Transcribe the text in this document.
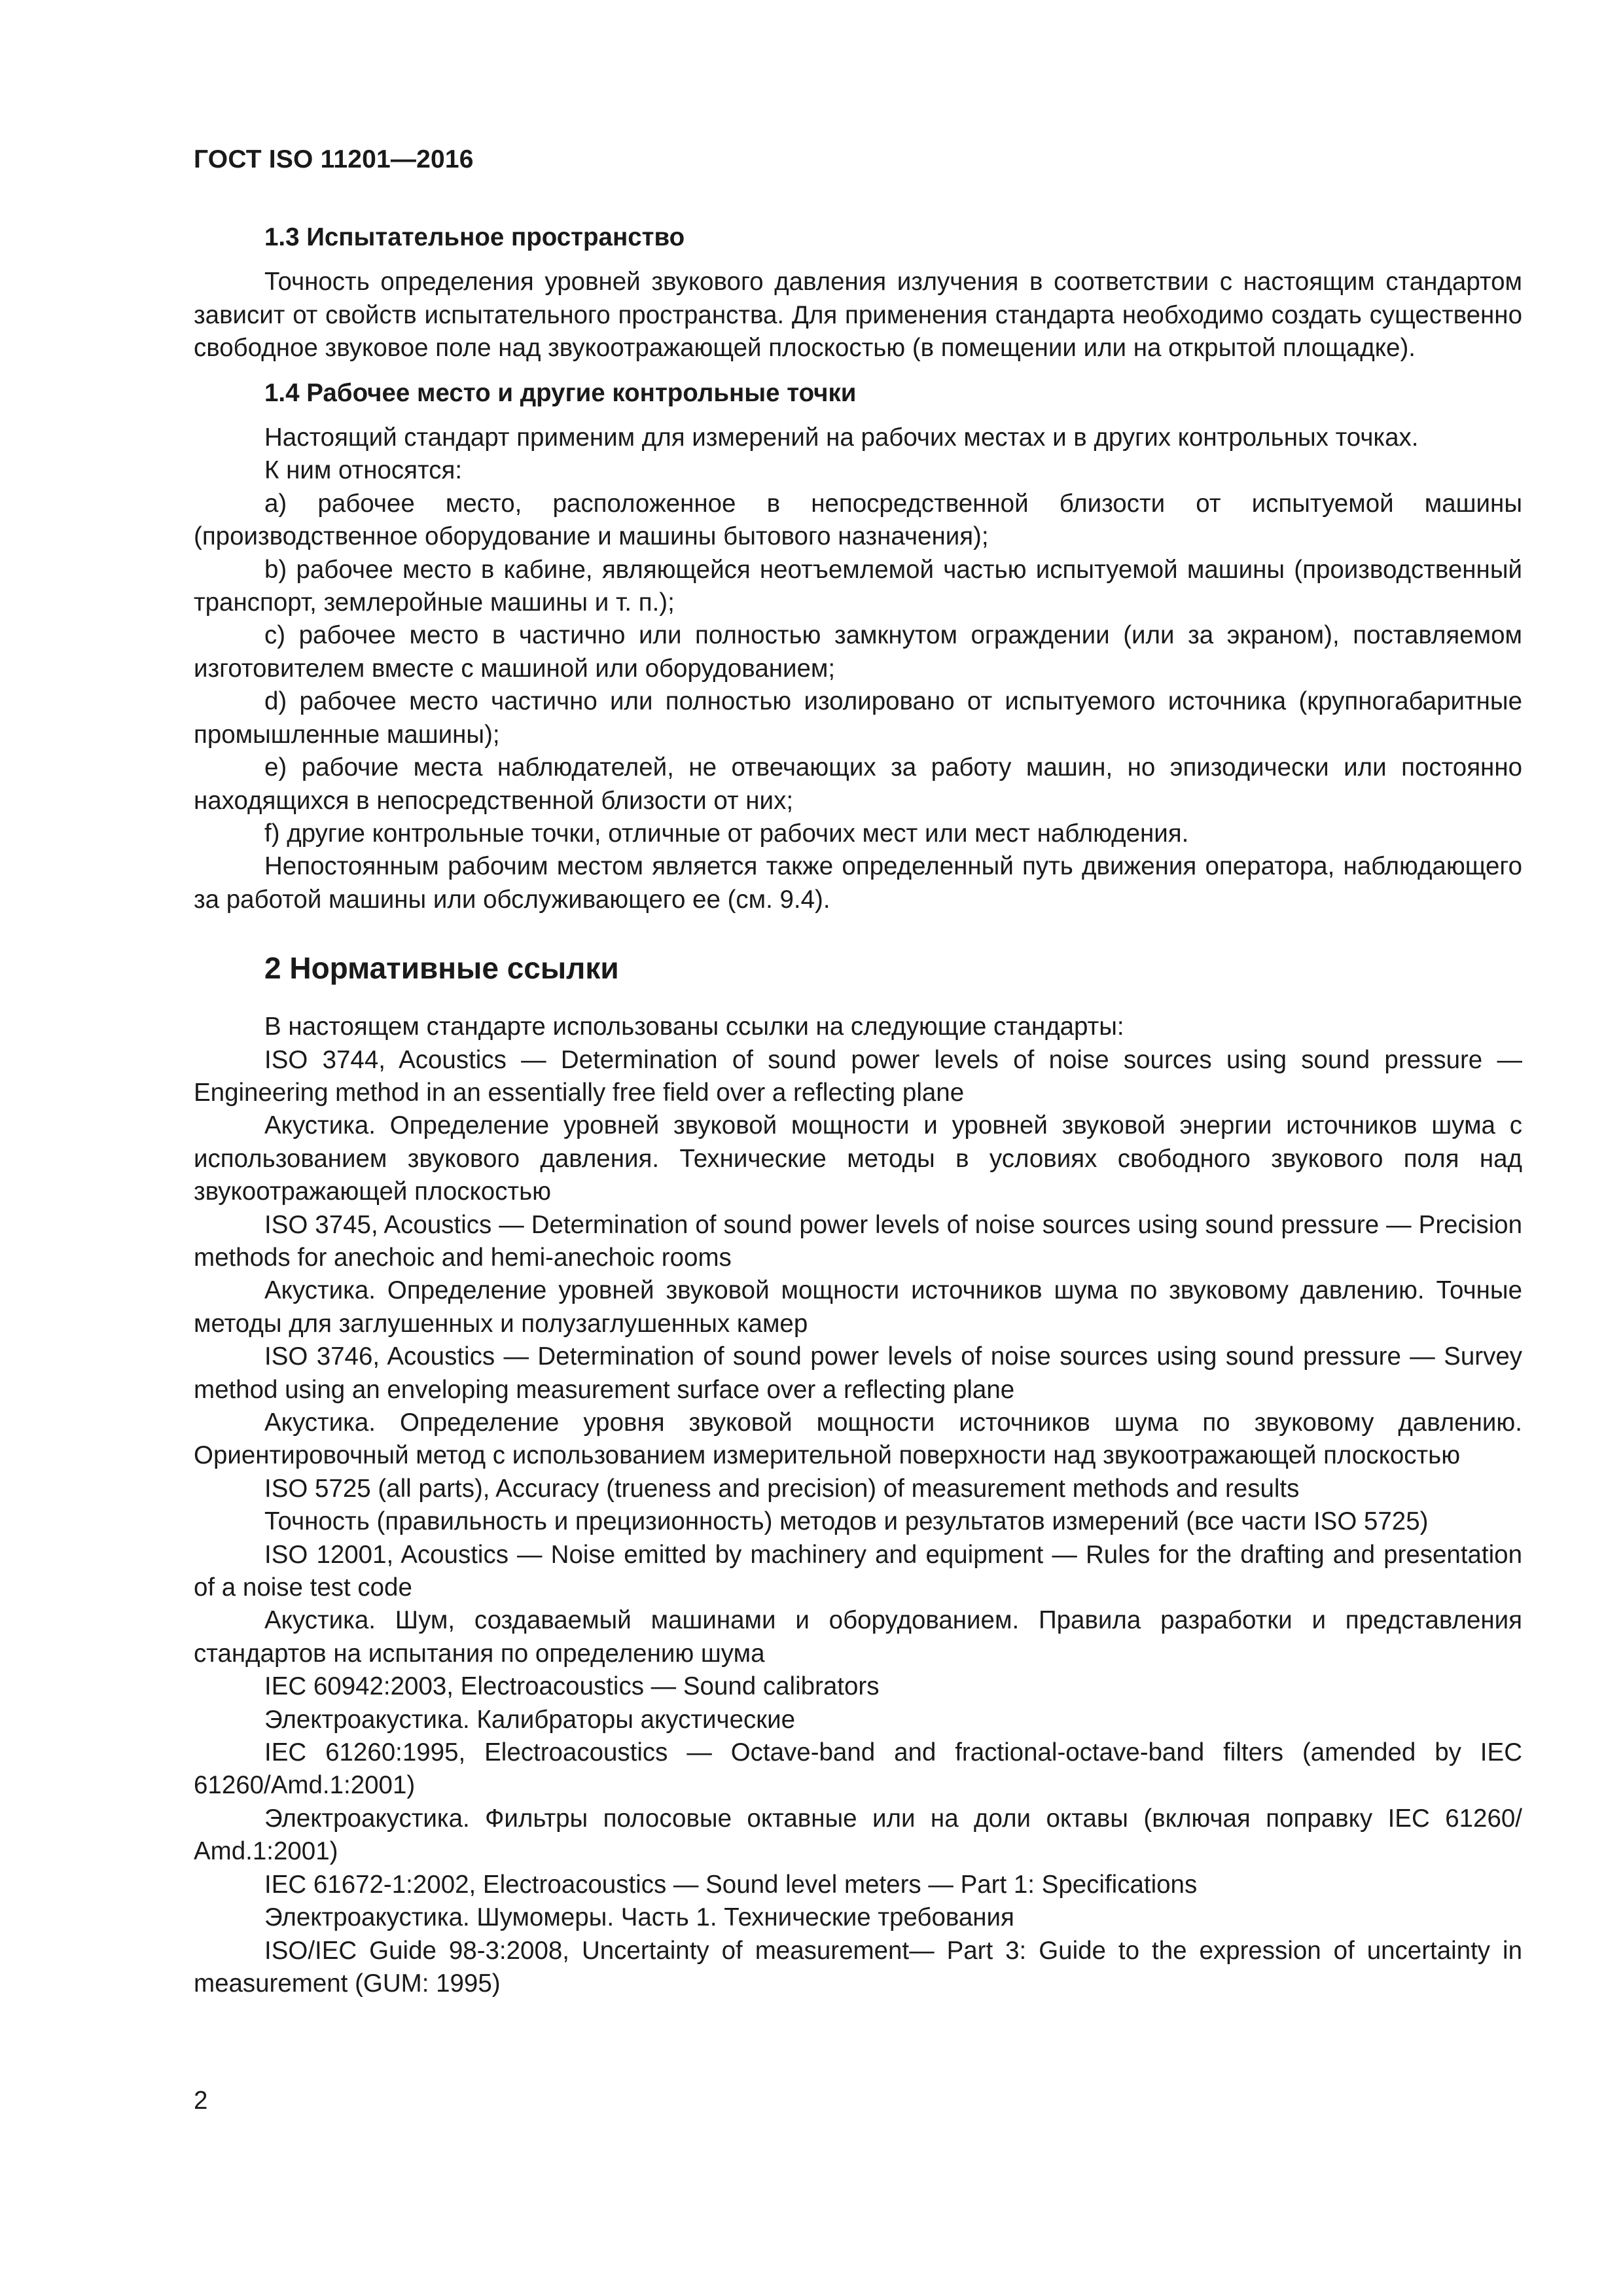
ГОСТ ISO 11201—2016
1.3 Испытательное пространство

Точность определения уровней звукового давления излучения в соответствии с настоящим стандартом зависит от свойств испытательного пространства. Для применения стандарта необходимо создать существенно свободное звуковое поле над звукоотражающей плоскостью (в помещении или на открытой площадке).

1.4 Рабочее место и другие контрольные точки

Настоящий стандарт применим для измерений на рабочих местах и в других контрольных точках.

К ним относятся:

а) рабочее место, расположенное в непосредственной близости от испытуемой машины (производственное оборудование и машины бытового назначения);

b) рабочее место в кабине, являющейся неотъемлемой частью испытуемой машины (производственный транспорт, землеройные машины и т. п.);

с) рабочее место в частично или полностью замкнутом ограждении (или за экраном), поставляемом изготовителем вместе с машиной или оборудованием;

d) рабочее место частично или полностью изолировано от испытуемого источника (крупногабаритные промышленные машины);

е) рабочие места наблюдателей, не отвечающих за работу машин, но эпизодически или постоянно находящихся в непосредственной близости от них;

f) другие контрольные точки, отличные от рабочих мест или мест наблюдения.

Непостоянным рабочим местом является также определенный путь движения оператора, наблюдающего за работой машины или обслуживающего ее (см. 9.4).

2 Нормативные ссылки

В настоящем стандарте использованы ссылки на следующие стандарты:

ISO 3744, Acoustics — Determination of sound power levels of noise sources using sound pressure — Engineering method in an essentially free field over a reflecting plane

Акустика. Определение уровней звуковой мощности и уровней звуковой энергии источников шума с использованием звукового давления. Технические методы в условиях свободного звукового поля над звукоотражающей плоскостью

ISO 3745, Acoustics — Determination of sound power levels of noise sources using sound pressure — Precision methods for anechoic and hemi-anechoic rooms

Акустика. Определение уровней звуковой мощности источников шума по звуковому давлению. Точные методы для заглушенных и полузаглушенных камер

ISO 3746, Acoustics — Determination of sound power levels of noise sources using sound pressure — Survey method using an enveloping measurement surface over a reflecting plane

Акустика. Определение уровня звуковой мощности источников шума по звуковому давлению. Ориентировочный метод с использованием измерительной поверхности над звукоотражающей плоскостью

ISO 5725 (all parts), Accuracy (trueness and precision) of measurement methods and results

Точность (правильность и прецизионность) методов и результатов измерений (все части ISO 5725)

ISO 12001, Acoustics — Noise emitted by machinery and equipment — Rules for the drafting and presentation of a noise test code

Акустика. Шум, создаваемый машинами и оборудованием. Правила разработки и представления стандартов на испытания по определению шума

IEC 60942:2003, Electroacoustics — Sound calibrators

Электроакустика. Калибраторы акустические

IEC 61260:1995, Electroacoustics — Octave-band and fractional-octave-band filters (amended by IEC 61260/Amd.1:2001)

Электроакустика. Фильтры полосовые октавные или на доли октавы (включая поправку IEC 61260/ Amd.1:2001)

IEC 61672-1:2002, Electroacoustics — Sound level meters — Part 1: Specifications

Электроакустика. Шумомеры. Часть 1. Технические требования

ISO/IEC Guide 98-3:2008, Uncertainty of measurement— Part 3: Guide to the expression of uncertainty in measurement (GUM: 1995)

2
